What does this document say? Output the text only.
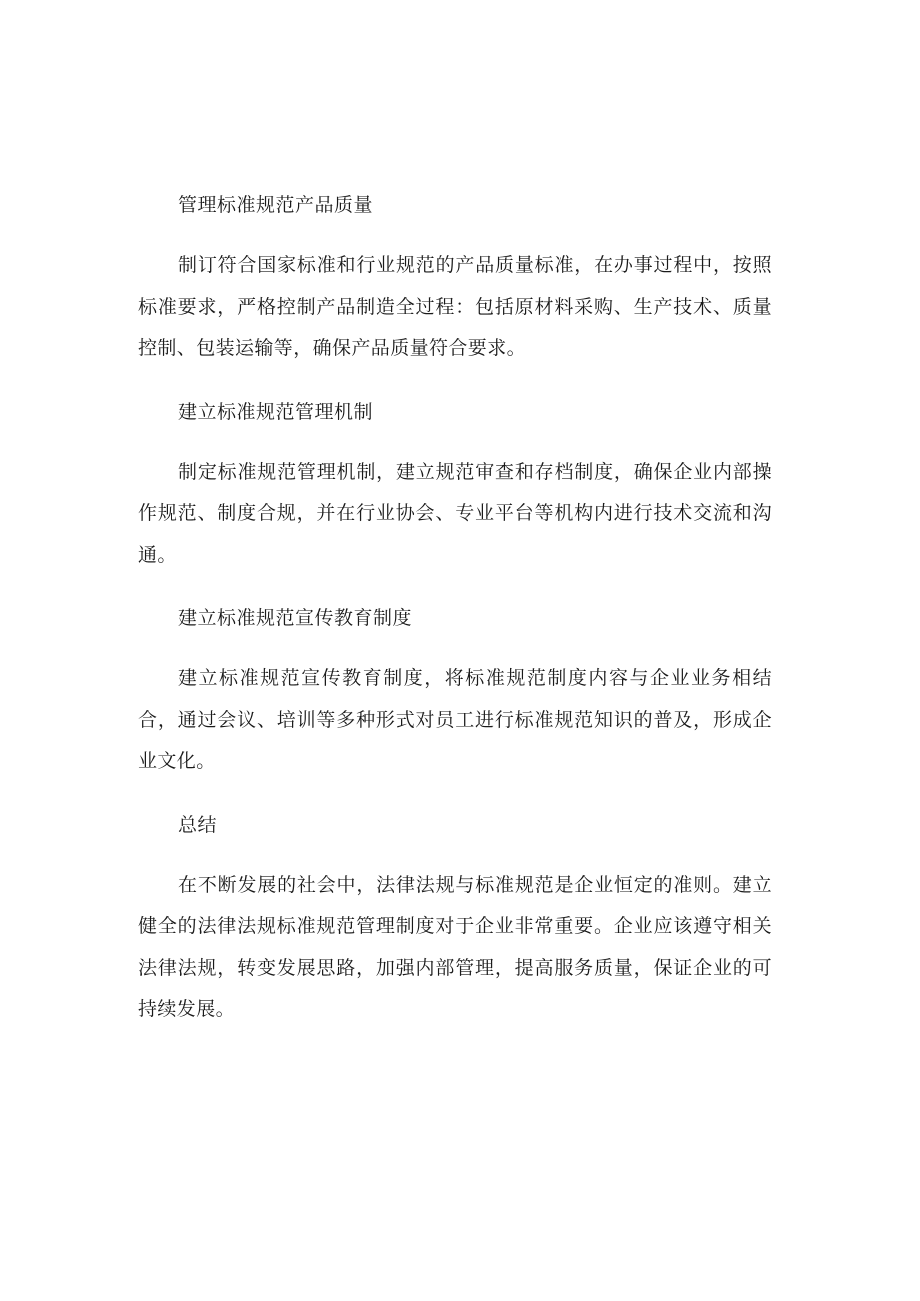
管理标准规范产品质量

制订符合国家标准和行业规范的产品质量标准，在办事过程中，按照标准要求，严格控制产品制造全过程：包括原材料采购、生产技术、质量控制、包装运输等，确保产品质量符合要求。

建立标准规范管理机制

制定标准规范管理机制，建立规范审查和存档制度，确保企业内部操作规范、制度合规，并在行业协会、专业平台等机构内进行技术交流和沟通。

建立标准规范宣传教育制度

建立标准规范宣传教育制度，将标准规范制度内容与企业业务相结合，通过会议、培训等多种形式对员工进行标准规范知识的普及，形成企业文化。

总结

在不断发展的社会中，法律法规与标准规范是企业恒定的准则。建立健全的法律法规标准规范管理制度对于企业非常重要。企业应该遵守相关法律法规，转变发展思路，加强内部管理，提高服务质量，保证企业的可持续发展。
